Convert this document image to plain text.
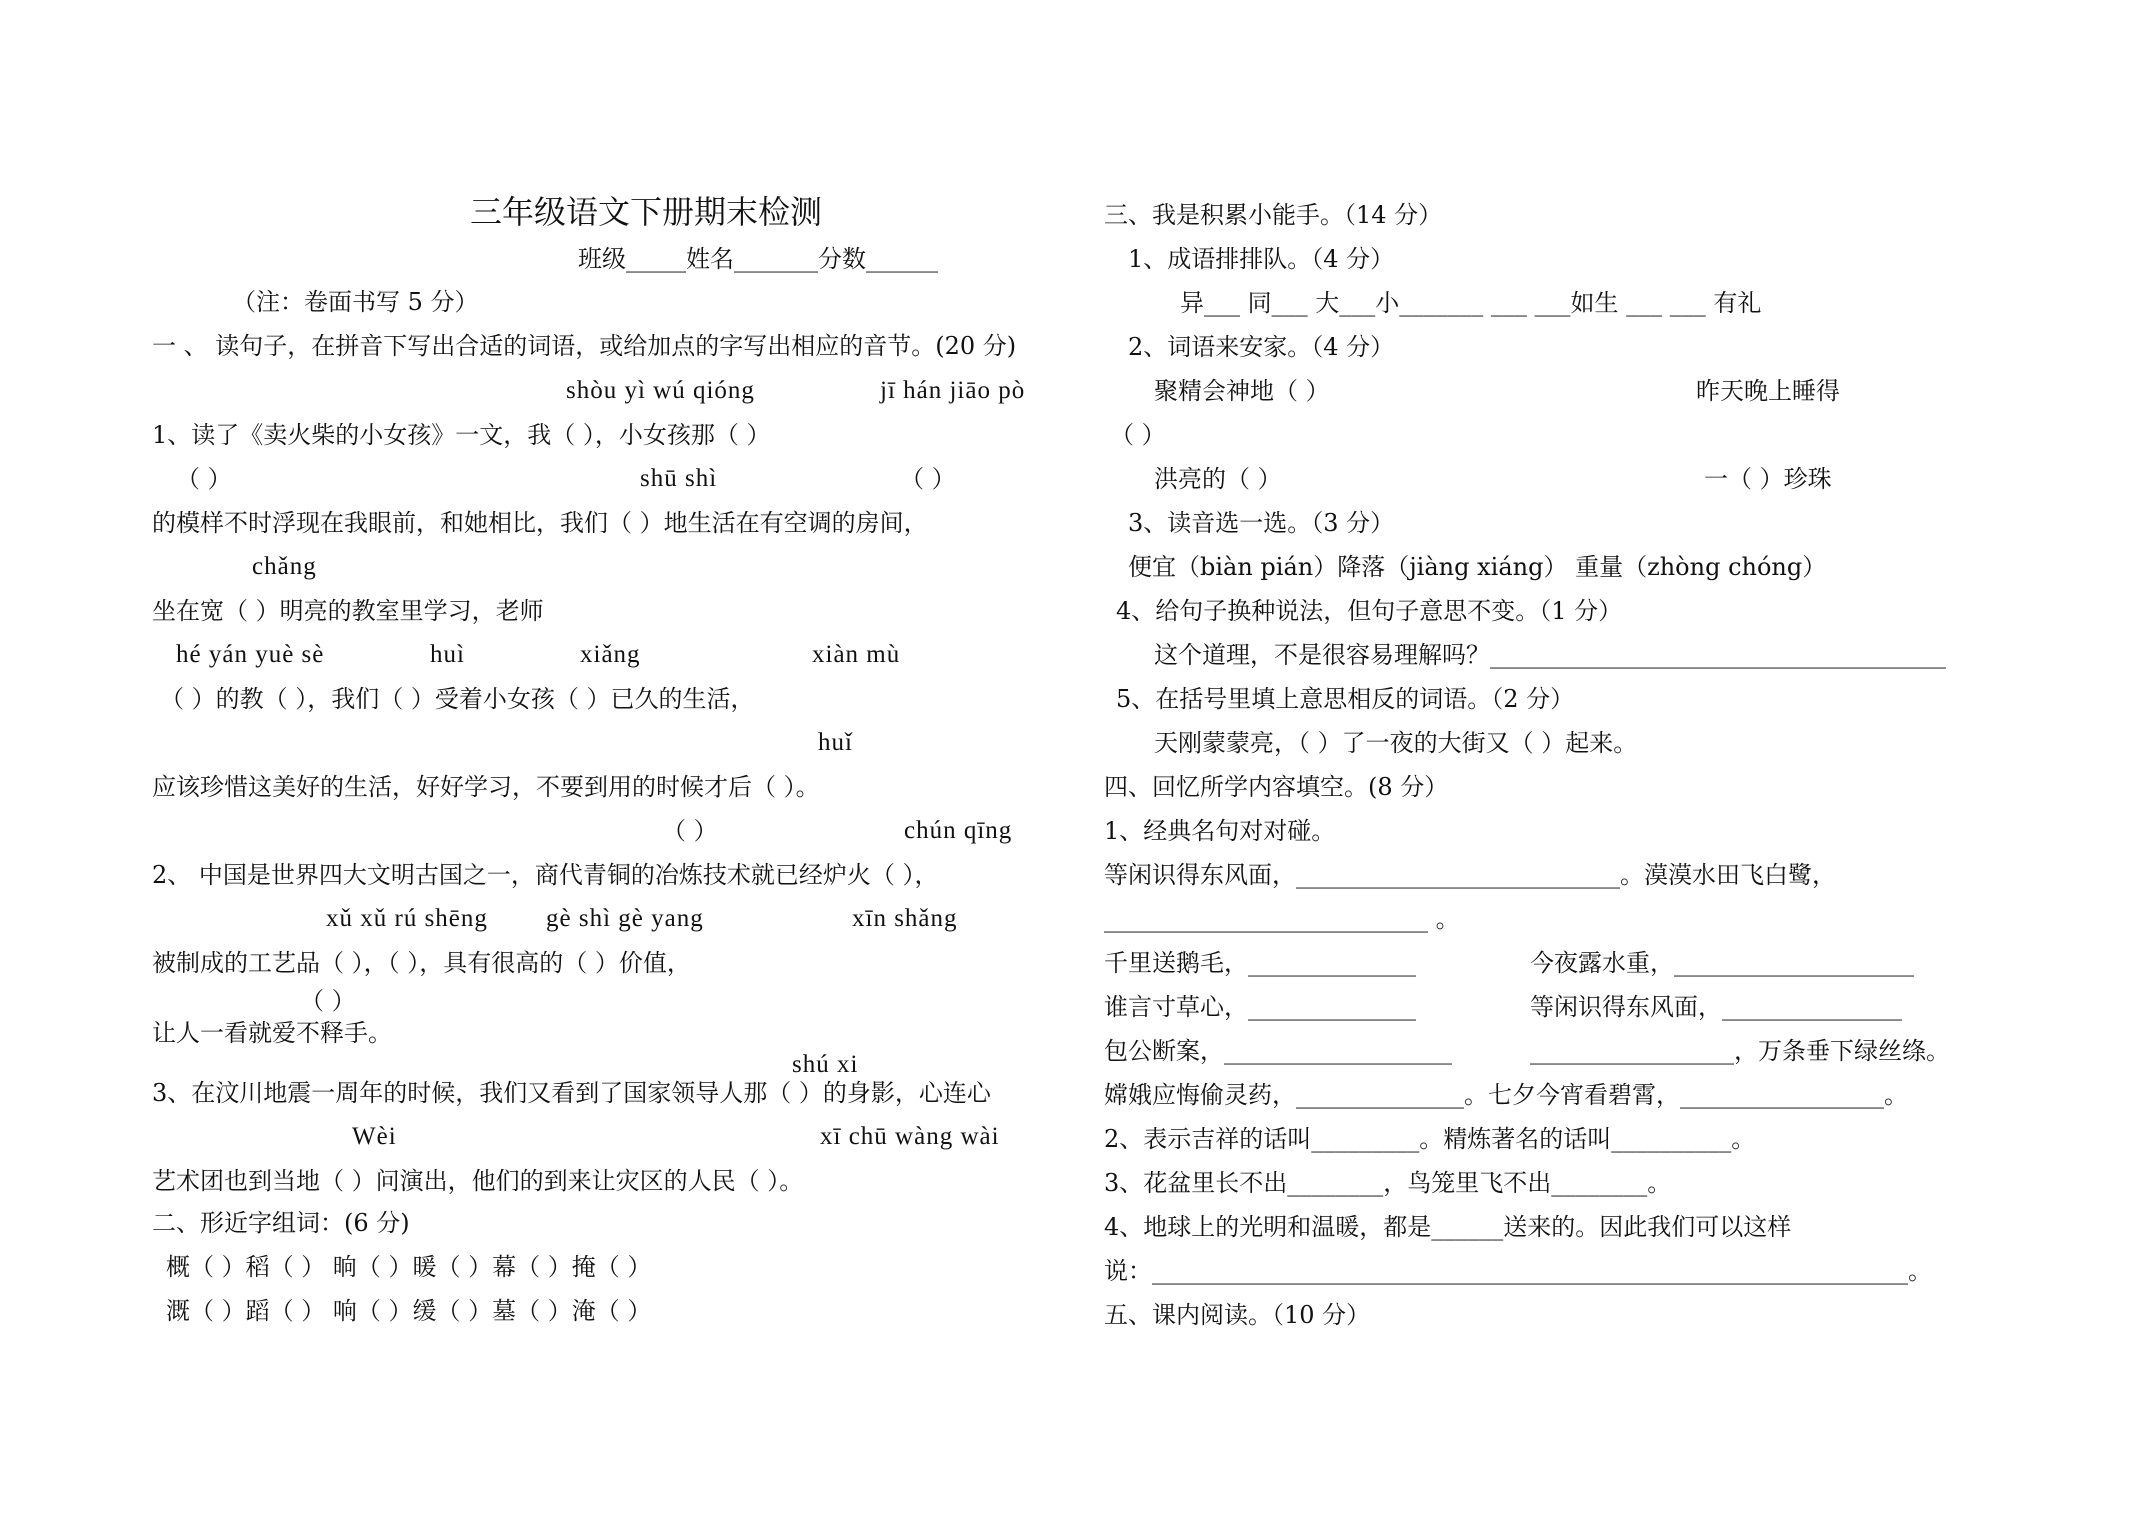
三年级语文下册期末检测
班级_____姓名_______分数______
（注：卷面书写 5 分）
一 、 读句子，在拼音下写出合适的词语，或给加点的字写出相应的音节。(20 分)
shòu yì wú qióng	jī hán jiāo pò
1、读了《卖火柴的小女孩》一文，我（ ），小女孩那（ ）
（ ）	shū shì	（ ）
的模样不时浮现在我眼前，和她相比，我们（ ）地生活在有空调的房间，
chǎng
坐在宽（ ）明亮的教室里学习，老师
hé yán yuè sè	huì	xiǎng	xiàn mù
（ ）的教（ ），我们（ ）受着小女孩（ ）已久的生活，
huǐ
应该珍惜这美好的生活，好好学习，不要到用的时候才后（ ）。
（ ）	chún qīng
2、 中国是世界四大文明古国之一，商代青铜的冶炼技术就已经炉火（ ），
xǔ xǔ rú shēng gè shì gè yang	xīn shǎng
被制成的工艺品（ ），（ ），具有很高的（ ）价值，
（ ）
让人一看就爱不释手。
shú xi
3、在汶川地震一周年的时候，我们又看到了国家领导人那（ ）的身影，心连心
Wèi	xī chū wàng wài
艺术团也到当地（ ）问演出，他们的到来让灾区的人民（ ）。
二、形近字组词：(6 分)
概（ ）稻（ ） 晌（ ）暖（ ）幕（ ）掩（ ）
溉（ ）蹈（ ） 响（ ）缓（ ）墓（ ）淹（ ）
三、我是积累小能手。（14 分）
1、成语排排队。（4 分）
异___ 同___ 大___小_______ ___ ___如生 ___ ___ 有礼
2、词语来安家。（4 分）
聚精会神地（ ）	昨天晚上睡得
（ ）
洪亮的（ ）	一（ ）珍珠
3、读音选一选。（3 分）
便宜（biàn pián）降落（jiàng xiáng） 重量（zhòng chóng）
4、给句子换种说法，但句子意思不变。（1 分）
这个道理，不是很容易理解吗？______________________________________
5、在括号里填上意思相反的词语。（2 分）
天刚蒙蒙亮，（ ）了一夜的大街又（ ）起来。
四、回忆所学内容填空。(8 分）
1、经典名句对对碰。
等闲识得东风面，___________________________。漠漠水田飞白鹭，
___________________________ 。
千里送鹅毛，______________	今夜露水重，____________________
谁言寸草心，______________	等闲识得东风面，_______________
包公断案，___________________	_________________，万条垂下绿丝绦。
嫦娥应悔偷灵药，______________。七夕今宵看碧霄，_________________。
2、表示吉祥的话叫_________。精炼著名的话叫__________。
3、花盆里长不出________，鸟笼里飞不出________。
4、地球上的光明和温暖，都是______送来的。因此我们可以这样
说：_______________________________________________________________。
五、课内阅读。（10 分）
